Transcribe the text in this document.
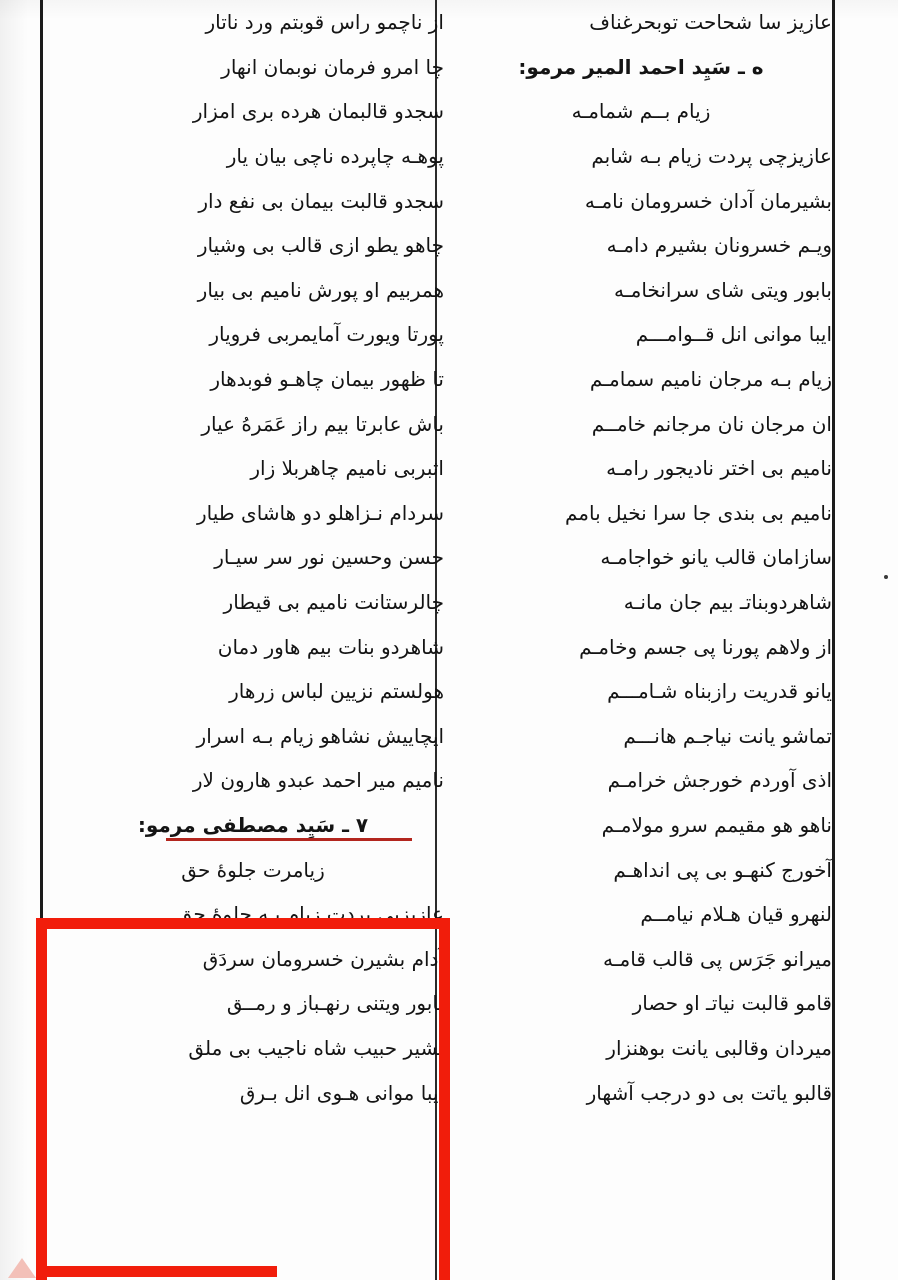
عازیز سا شحاحت توبحرغناف
ه ـ سَیِد احمد المیر مرمو:
زیام بــم شمامـه
عازیزچی پردت زیام بـه شابم
بشیرمان آدان خسرومان نامـه
ویـم خسرونان بشیرم دامـه
بابور ویتی شای سرانخامـه
ایبا موانی انل قــوامـــم
زیام بـه مرجان نامیم سمامـم
ان مرجان نان مرجانم خامــم
نامیم بی اختر نادیجور رامـه
نامیم بی بندی جا سرا نخیل بامم
سازامان قالب یانو خواجامـه
شاهردوبناتـ بیم جان مانـه
از ولاهم پورنا پی جسم وخامـم
یانو قدریت رازبناه شـامـــم
تماشو یانت نیاجـم هانـــم
اذی آوردم خورجش خرامـم
ناهو هو مقیمم سرو مولامـم
آخورج کنهـو بی پی انداهـم
لنهرو قیان هـلام نیامــم
میرانو جَرَس پی قالب قامـه
قامو قالبت نیاتـ او حصار
میردان وقالبی یانت بوهنزار
قالبو یاتت بی دو درجب آشهار
از ناچمو راس قوبتم ورد ناتار
چا امرو فرمان نوبمان انهار
سجدو قالبمان هرده بری امزار
پوهـه چاپرده ناچی بیان یار
سجدو قالبت بیمان بی نفع دار
چاهو یطو ازی قالب بی وشیار
همربیم او پورش نامیم بی بیار
پورتا ویورت آمایمربی فرویار
تا ظهور بیمان چاهـو فوبدهار
باش عابرتا بیم راز عَمَرهُ عیار
اثبربی نامیم چاهربلا زار
سردام نـزاهلو دو هاشای طیار
حسن وحسین نور سر سیـار
چالرستانت نامیم بی قیطار
شاهردو بنات بیم هاور دمان
هولستم نزیین لباس زرهار
ایچاییش نشاهو زیام بـه اسرار
نامیم میر احمد عبدو هارون لار
٧ ـ سَیِد مصطفی مرمو:
زیامرت جلوهٔ حق
عازیزپی پردت زیام بـه جلوهٔ حق
آدام بشیرن خسرومان سردَق
بابور ویتنی رنهـباز و رمــق
بشیر حبیب شاه ناجیب بی ملق
ایبا موانی هـوی انل بـرق
